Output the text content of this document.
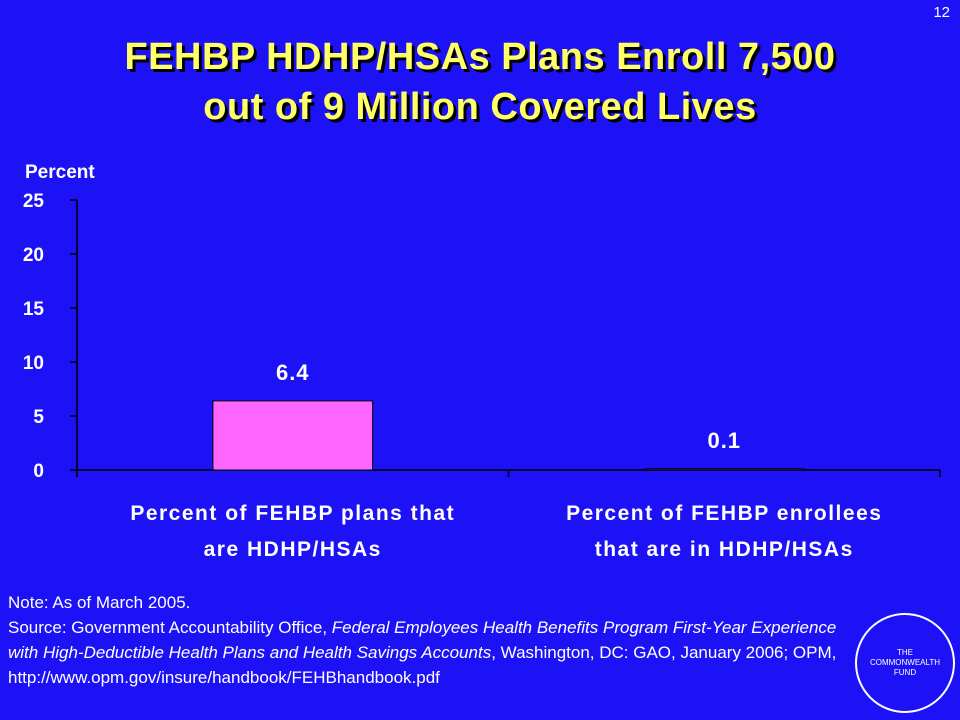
12
FEHBP HDHP/HSAs Plans Enroll 7,500
out of 9 Million Covered Lives
Percent
0
5
10
15
20
25
6.4
Percent of FEHBP plans that
are HDHP/HSAs
0.1
Percent of FEHBP enrollees
that are in HDHP/HSAs

Note: As of March 2005.

Source: Government Accountability Office, Federal Employees Health Benefits Program First-Year Experience with High-Deductible Health Plans and Health Savings Accounts, Washington, DC: GAO, January 2006; OPM, http://www.opm.gov/insure/handbook/FEHBhandbook.pdf

THE
COMMONWEALTH
FUND
